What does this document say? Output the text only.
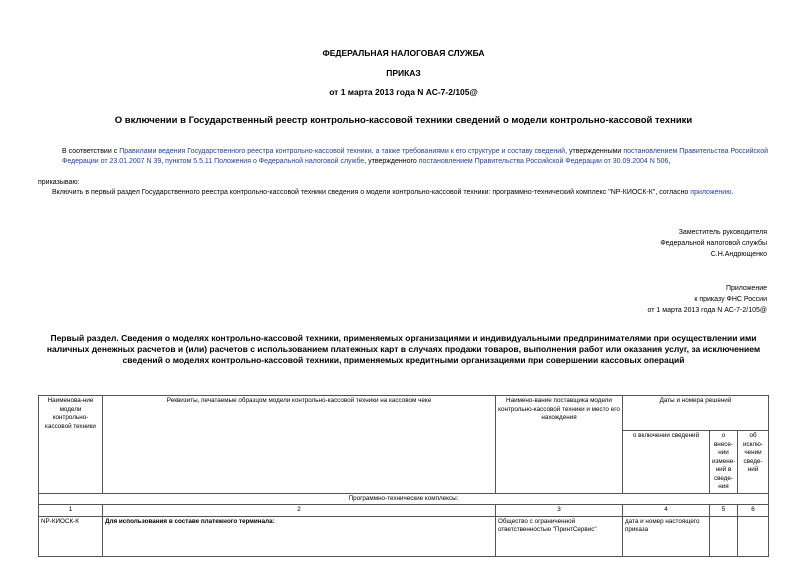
ФЕДЕРАЛЬНАЯ НАЛОГОВАЯ СЛУЖБА
ПРИКАЗ
от 1 марта 2013 года N АС-7-2/105@
О включении в Государственный реестр контрольно-кассовой техники сведений о модели контрольно-кассовой техники
В соответствии с Правилами ведения Государственного реестра контрольно-кассовой техники, а также требованиями к его структуре и составу сведений, утвержденными постановлением Правительства Российской Федерации от 23.01.2007 N 39, пунктом 5.5.11 Положения о Федеральной налоговой службе, утвержденного постановлением Правительства Российской Федерации от 30.09.2004 N 506,
приказываю:
Включить в первый раздел Государственного реестра контрольно-кассовой техники сведения о модели контрольно-кассовой техники: программно-технический комплекс "NP-КИОСК-К", согласно приложению.
Заместитель руководителя
Федеральной налоговой службы
С.Н.Андрющенко
Приложение
к приказу ФНС России
от 1 марта 2013 года N АС-7-2/105@
Первый раздел. Сведения о моделях контрольно-кассовой техники, применяемых организациями и индивидуальными предпринимателями при осуществлении ими наличных денежных расчетов и (или) расчетов с использованием платежных карт в случаях продажи товаров, выполнения работ или оказания услуг, за исключением сведений о моделях контрольно-кассовой техники, применяемых кредитными организациями при совершении кассовых операций
Наименова-ние модели контрольно-кассовой техники	Реквизиты, печатаемые образцом модели контрольно-кассовой техники на кассовом чеке	Наимено-вание поставщика модели контрольно-кассовой техники и место его нахождения	Даты и номера решений		
			о включении сведений	о внесе-нии измене-ний в сведе-ния	об исклю-чении сведе-ний
Программно-технические комплексы:					
1	2	3	4	5	6
NP-КИОСК-К	Для использования в составе платежного терминала:	Общество с ограниченной ответственностью "ПринтСервис"	дата и номер настоящего приказа		
